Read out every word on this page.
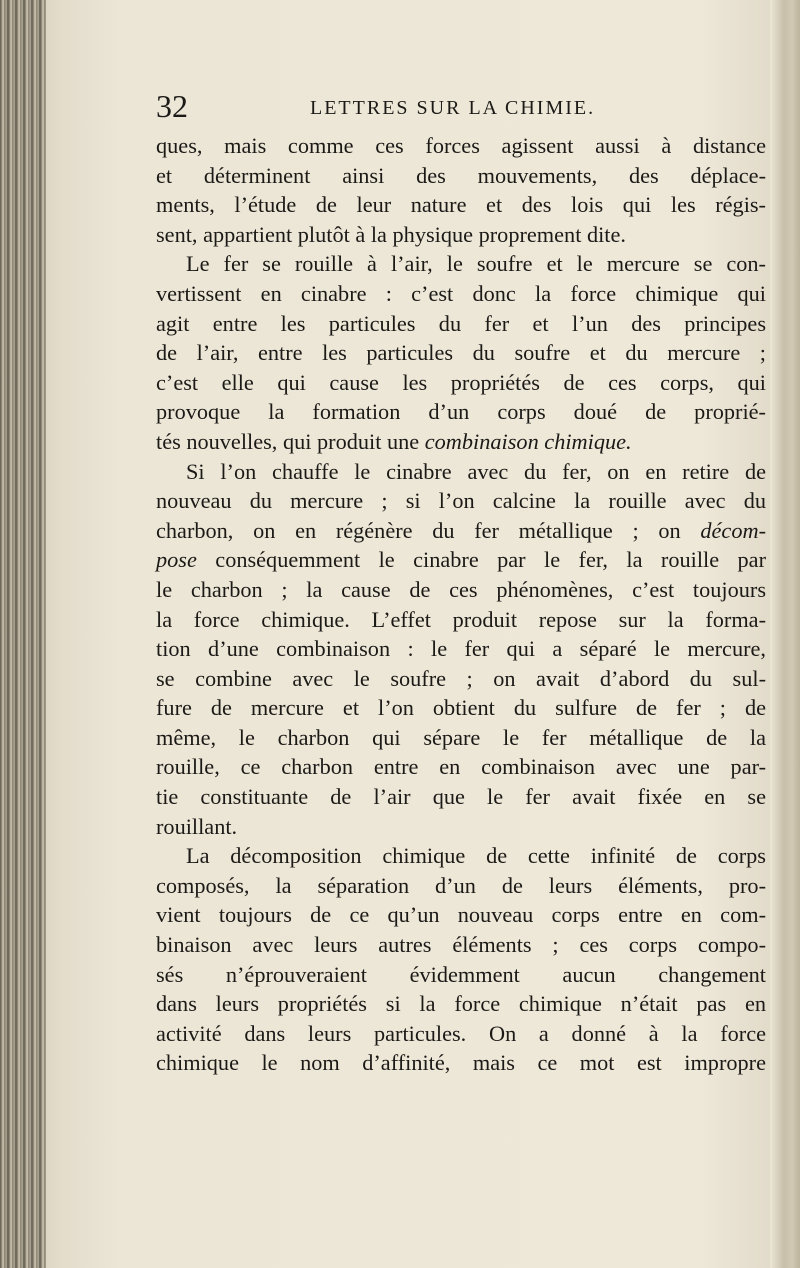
32	LETTRES SUR LA CHIMIE.
ques, mais comme ces forces agissent aussi à distance
et déterminent ainsi des mouvements, des déplace-
ments, l’étude de leur nature et des lois qui les régis-
sent, appartient plutôt à la physique proprement dite.
Le fer se rouille à l’air, le soufre et le mercure se con-
vertissent en cinabre : c’est donc la force chimique qui
agit entre les particules du fer et l’un des principes
de l’air, entre les particules du soufre et du mercure ;
c’est elle qui cause les propriétés de ces corps, qui
provoque la formation d’un corps doué de proprié-
tés nouvelles, qui produit une combinaison chimique.
Si l’on chauffe le cinabre avec du fer, on en retire de
nouveau du mercure ; si l’on calcine la rouille avec du
charbon, on en régénère du fer métallique ; on décom-
pose conséquemment le cinabre par le fer, la rouille par
le charbon ; la cause de ces phénomènes, c’est toujours
la force chimique. L’effet produit repose sur la forma-
tion d’une combinaison : le fer qui a séparé le mercure,
se combine avec le soufre ; on avait d’abord du sul-
fure de mercure et l’on obtient du sulfure de fer ; de
même, le charbon qui sépare le fer métallique de la
rouille, ce charbon entre en combinaison avec une par-
tie constituante de l’air que le fer avait fixée en se
rouillant.
La décomposition chimique de cette infinité de corps
composés, la séparation d’un de leurs éléments, pro-
vient toujours de ce qu’un nouveau corps entre en com-
binaison avec leurs autres éléments ; ces corps compo-
sés n’éprouveraient évidemment aucun changement
dans leurs propriétés si la force chimique n’était pas en
activité dans leurs particules. On a donné à la force
chimique le nom d’affinité, mais ce mot est impropre
